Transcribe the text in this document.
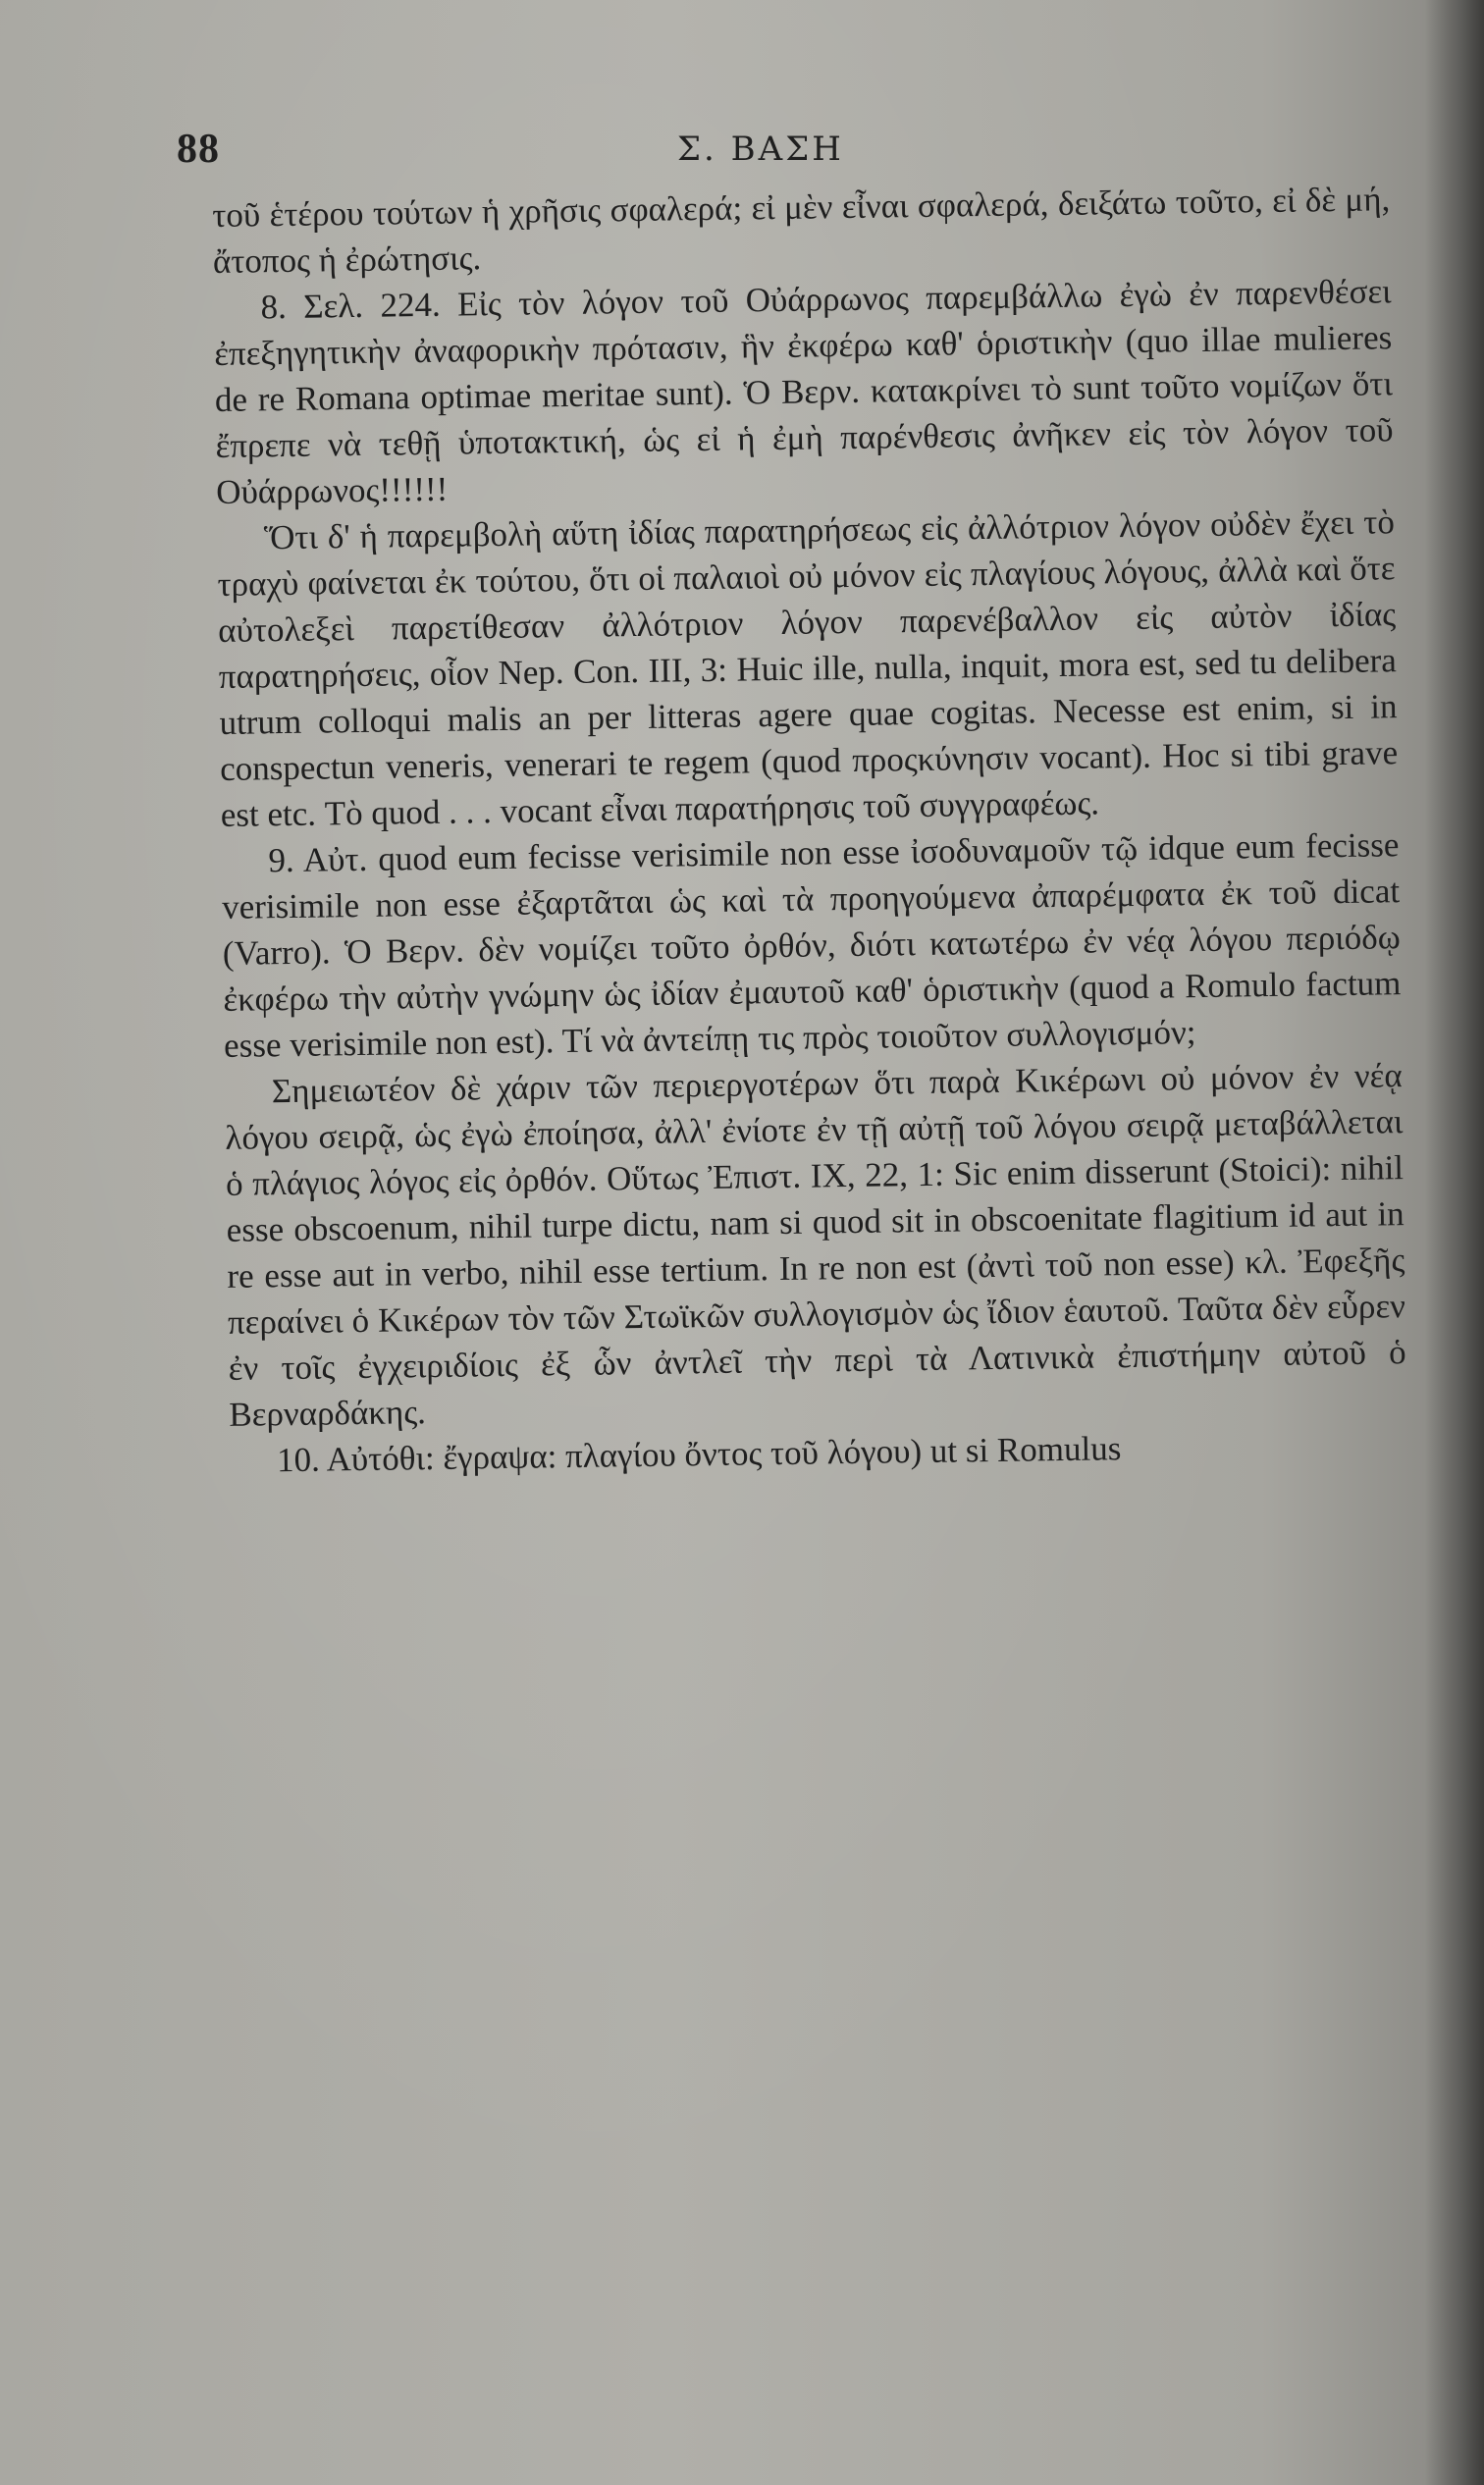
88	Σ. ΒΑΣΗ

τοῦ ἑτέρου τούτων ἡ χρῆσις σφαλερά; εἰ μὲν εἶναι σφαλερά, δειξάτω τοῦτο, εἰ δὲ μή, ἄτοπος ἡ ἐρώτησις.

8. Σελ. 224. Εἰς τὸν λόγον τοῦ Οὐάρρωνος παρεμβάλλω ἐγὼ ἐν παρενθέσει ἐπεξηγητικὴν ἀναφορικὴν πρότασιν, ἣν ἐκφέρω καθ' ὁριστικὴν (quo illae mulieres de re Romana optimae meritae sunt). Ὁ Βερν. κατακρίνει τὸ sunt τοῦτο νομίζων ὅτι ἔπρεπε νὰ τεθῇ ὑποτακτική, ὡς εἰ ἡ ἐμὴ παρένθεσις ἀνῆκεν εἰς τὸν λόγον τοῦ Οὐάρρωνος!!!!!!

Ὅτι δ' ἡ παρεμβολὴ αὕτη ἰδίας παρατηρήσεως εἰς ἀλλότριον λόγον οὐδὲν ἔχει τὸ τραχὺ φαίνεται ἐκ τούτου, ὅτι οἱ παλαιοὶ οὐ μόνον εἰς πλαγίους λόγους, ἀλλὰ καὶ ὅτε αὐτολεξεὶ παρετίθεσαν ἀλλότριον λόγον παρενέβαλλον εἰς αὐτὸν ἰδίας παρατηρήσεις, οἷον Nep. Con. III, 3: Huic ille, nulla, inquit, mora est, sed tu delibera utrum colloqui malis an per litteras agere quae cogitas. Necesse est enim, si in conspectun veneris, venerari te regem (quod προςκύνησιν vocant). Hoc si tibi grave est etc. Τὸ quod . . . vocant εἶναι παρατήρησις τοῦ συγγραφέως.

9. Αὐτ. quod eum fecisse verisimile non esse ἰσοδυναμοῦν τῷ idque eum fecisse verisimile non esse ἐξαρτᾶται ὡς καὶ τὰ προηγούμενα ἀπαρέμφατα ἐκ τοῦ dicat (Varro). Ὁ Βερν. δὲν νομίζει τοῦτο ὀρθόν, διότι κατωτέρω ἐν νέᾳ λόγου περιόδῳ ἐκφέρω τὴν αὐτὴν γνώμην ὡς ἰδίαν ἐμαυτοῦ καθ' ὁριστικὴν (quod a Romulo factum esse verisimile non est). Τί νὰ ἀντείπῃ τις πρὸς τοιοῦτον συλλογισμόν;

Σημειωτέον δὲ χάριν τῶν περιεργοτέρων ὅτι παρὰ Κικέρωνι οὐ μόνον ἐν νέᾳ λόγου σειρᾷ, ὡς ἐγὼ ἐποίησα, ἀλλ' ἐνίοτε ἐν τῇ αὐτῇ τοῦ λόγου σειρᾷ μεταβάλλεται ὁ πλάγιος λόγος εἰς ὀρθόν. Οὕτως Ἐπιστ. IX, 22, 1: Sic enim disserunt (Stoici): nihil esse obscoenum, nihil turpe dictu, nam si quod sit in obscoenitate flagitium id aut in re esse aut in verbo, nihil esse tertium. In re non est (ἀντὶ τοῦ non esse) κλ. Ἐφεξῆς περαίνει ὁ Κικέρων τὸν τῶν Στωϊκῶν συλλογισμὸν ὡς ἴδιον ἑαυτοῦ. Ταῦτα δὲν εὗρεν ἐν τοῖς ἐγχειριδίοις ἐξ ὧν ἀντλεῖ τὴν περὶ τὰ Λατινικὰ ἐπιστήμην αὐτοῦ ὁ Βερναρδάκης.

10. Αὐτόθι: ἔγραψα: πλαγίου ὄντος τοῦ λόγου) ut si Romulus
